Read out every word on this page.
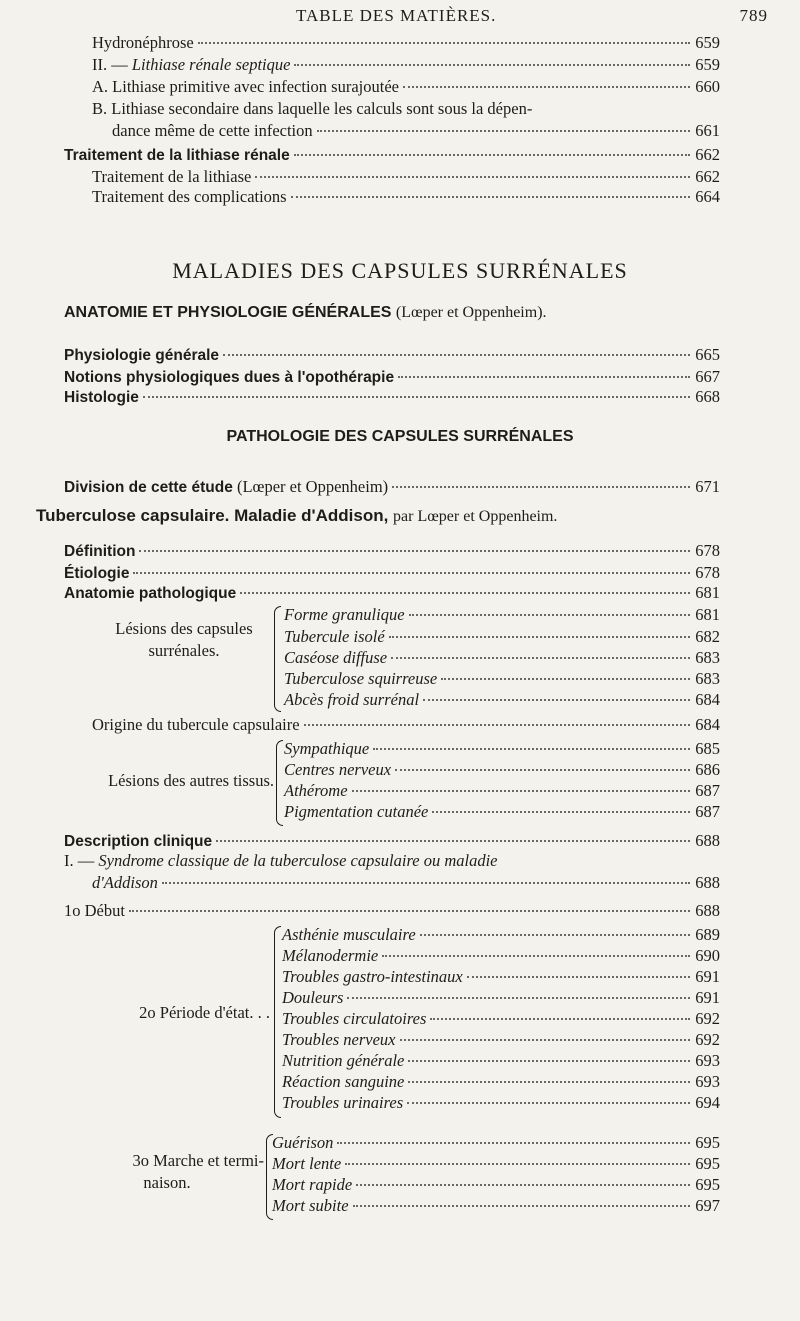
TABLE DES MATIÈRES.	789
Hydronéphrose	659
II. — Lithiase rénale septique	659
A. Lithiase primitive avec infection surajoutée	660
B. Lithiase secondaire dans laquelle les calculs sont sous la dépen-
dance même de cette infection	661
Traitement de la lithiase rénale	662
Traitement de la lithiase	662
Traitement des complications	664
MALADIES DES CAPSULES SURRÉNALES
ANATOMIE ET PHYSIOLOGIE GÉNÉRALES (Lœper et Oppenheim).
Physiologie générale	665
Notions physiologiques dues à l'opothérapie	667
Histologie	668
PATHOLOGIE DES CAPSULES SURRÉNALES
Division de cette étude (Lœper et Oppenheim)	671
Tuberculose capsulaire. Maladie d'Addison, par Lœper et Oppenheim.
Définition	678
Étiologie	678
Anatomie pathologique	681
Lésions des capsules
surrénales.
Forme granulique	681
Tubercule isolé	682
Caséose diffuse	683
Tuberculose squirreuse	683
Abcès froid surrénal	684
Origine du tubercule capsulaire	684
Lésions des autres tissus.
Sympathique	685
Centres nerveux	686
Athérome	687
Pigmentation cutanée	687
Description clinique	688
I. — Syndrome classique de la tuberculose capsulaire ou maladie
d'Addison	688
1o Début	688
2o Période d'état. . .
Asthénie musculaire	689
Mélanodermie	690
Troubles gastro-intestinaux	691
Douleurs	691
Troubles circulatoires	692
Troubles nerveux	692
Nutrition générale	693
Réaction sanguine	693
Troubles urinaires	694
3o Marche et termi-
naison.
Guérison	695
Mort lente	695
Mort rapide	695
Mort subite	697
